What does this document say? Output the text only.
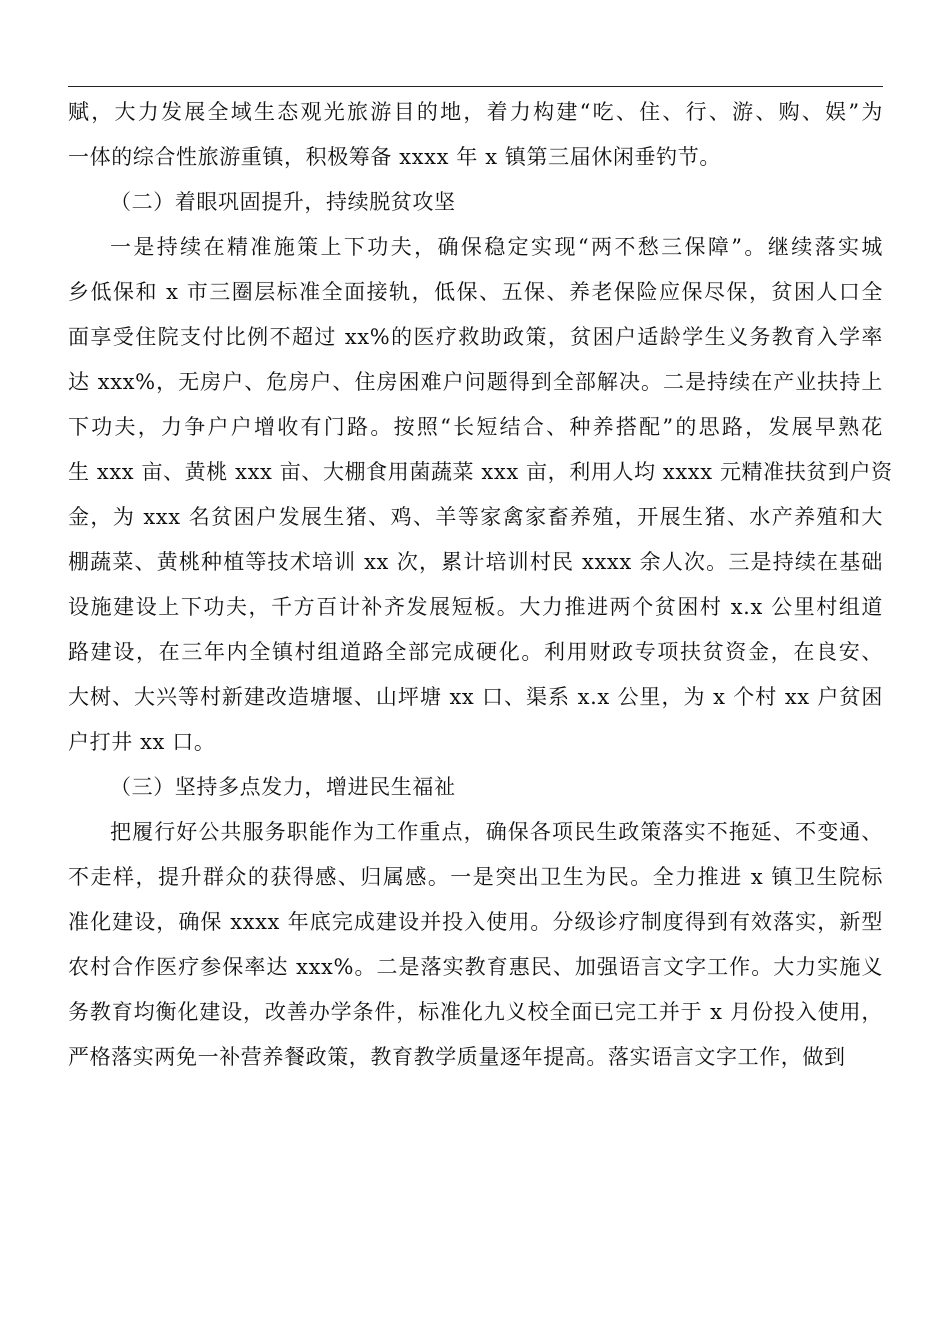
赋，大力发展全域生态观光旅游目的地，着力构建“吃、住、行、游、购、娱”为
一体的综合性旅游重镇，积极筹备 xxxx 年 x 镇第三届休闲垂钓节。
（二）着眼巩固提升，持续脱贫攻坚
一是持续在精准施策上下功夫，确保稳定实现“两不愁三保障”。继续落实城
乡低保和 x 市三圈层标准全面接轨，低保、五保、养老保险应保尽保，贫困人口全
面享受住院支付比例不超过 xx%的医疗救助政策，贫困户适龄学生义务教育入学率
达 xxx%，无房户、危房户、住房困难户问题得到全部解决。二是持续在产业扶持上
下功夫，力争户户增收有门路。按照“长短结合、种养搭配”的思路，发展早熟花
生 xxx 亩、黄桃 xxx 亩、大棚食用菌蔬菜 xxx 亩，利用人均 xxxx 元精准扶贫到户资
金，为 xxx 名贫困户发展生猪、鸡、羊等家禽家畜养殖，开展生猪、水产养殖和大
棚蔬菜、黄桃种植等技术培训 xx 次，累计培训村民 xxxx 余人次。三是持续在基础
设施建设上下功夫，千方百计补齐发展短板。大力推进两个贫困村 x.x 公里村组道
路建设，在三年内全镇村组道路全部完成硬化。利用财政专项扶贫资金，在良安、
大树、大兴等村新建改造塘堰、山坪塘 xx 口、渠系 x.x 公里，为 x 个村 xx 户贫困
户打井 xx 口。
（三）坚持多点发力，增进民生福祉
把履行好公共服务职能作为工作重点，确保各项民生政策落实不拖延、不变通、
不走样，提升群众的获得感、归属感。一是突出卫生为民。全力推进 x 镇卫生院标
准化建设，确保 xxxx 年底完成建设并投入使用。分级诊疗制度得到有效落实，新型
农村合作医疗参保率达 xxx%。二是落实教育惠民、加强语言文字工作。大力实施义
务教育均衡化建设，改善办学条件，标准化九义校全面已完工并于 x 月份投入使用，
严格落实两免一补营养餐政策，教育教学质量逐年提高。落实语言文字工作，做到
